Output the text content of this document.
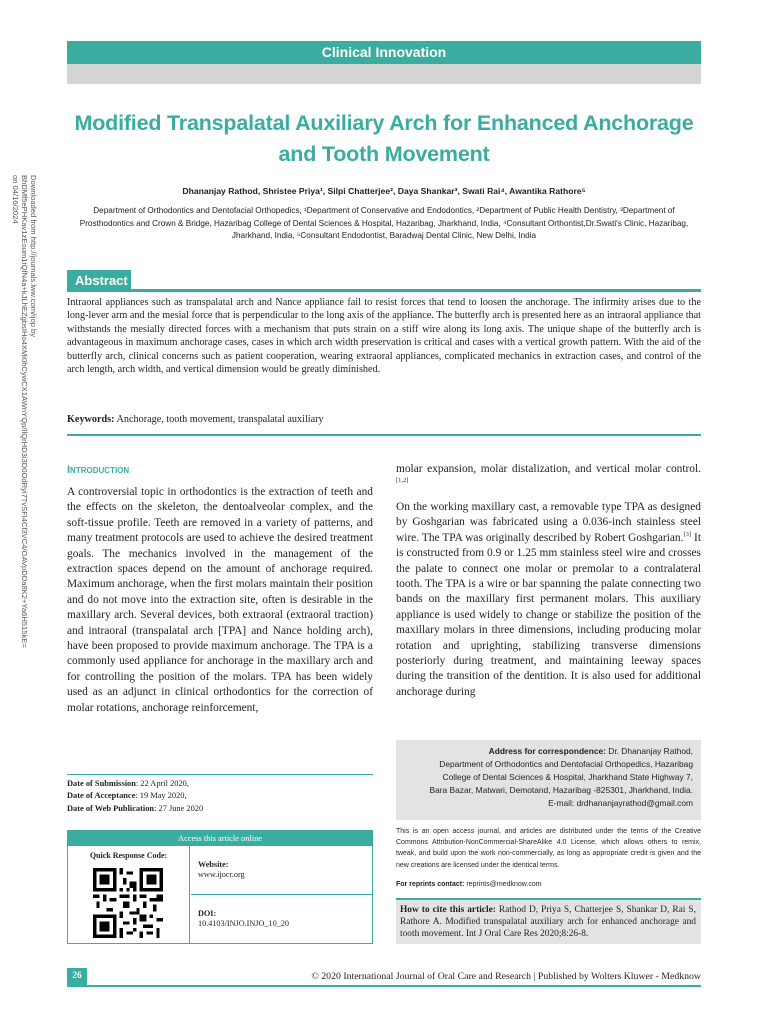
Clinical Innovation
Modified Transpalatal Auxiliary Arch for Enhanced Anchorage
and Tooth Movement
Dhananjay Rathod, Shristee Priya¹, Silpi Chatterjee², Daya Shankar³, Swati Rai⁴, Awantika Rathore⁵
Department of Orthodontics and Dentofacial Orthopedics, ¹Department of Conservative and Endodontics, ²Department of Public Health Dentistry, ³Department of Prosthodontics and Crown & Bridge, Hazaribag College of Dental Sciences & Hospital, Hazaribag, Jharkhand, India, ⁴Consultant Orthontist,Dr.Swati's Clinic, Hazaribag, Jharkhand, India, ⁵Consultant Endodontist, Baradwaj Dental Clinic, New Delhi, India
Downloaded from http://journals.lww.com/ijop by BhDMf5ePHKav1zEoum1tQfN4a+kJLhEZgbsIHo4XMi0hCywCX1AWnYQp/IlQrHD3i3D0OdRyi7TvSFl4Cf3VC4/OAVpDDa8K2+Ya6H515kE= on 04/16/2024
Abstract
Intraoral appliances such as transpalatal arch and Nance appliance fail to resist forces that tend to loosen the anchorage. The infirmity arises due to the long-lever arm and the mesial force that is perpendicular to the long axis of the appliance. The butterfly arch is presented here as an intraoral appliance that withstands the mesially directed forces with a mechanism that puts strain on a stiff wire along its long axis. The unique shape of the butterfly arch is advantageous in maximum anchorage cases, cases in which arch width preservation is critical and cases with a vertical growth pattern. With the aid of the butterfly arch, clinical concerns such as patient cooperation, wearing extraoral appliances, complicated mechanics in extraction cases, and control of the arch length, arch width, and vertical dimension would be greatly diminished.
Keywords: Anchorage, tooth movement, transpalatal auxiliary
Introduction
A controversial topic in orthodontics is the extraction of teeth and the effects on the skeleton, the dentoalveolar complex, and the soft-tissue profile. Teeth are removed in a variety of patterns, and many treatment protocols are used to achieve the desired treatment goals. The mechanics involved in the management of the extraction spaces depend on the amount of anchorage required. Maximum anchorage, when the first molars maintain their position and do not move into the extraction site, often is desirable in the maxillary arch. Several devices, both extraoral (extraoral traction) and intraoral (transpalatal arch [TPA] and Nance holding arch), have been proposed to provide maximum anchorage. The TPA is a commonly used appliance for anchorage in the maxillary arch and for controlling the position of the molars. TPA has been widely used as an adjunct in clinical orthodontics for the correction of molar rotations, anchorage reinforcement,
molar expansion, molar distalization, and vertical molar control.[1,2]
On the working maxillary cast, a removable type TPA as designed by Goshgarian was fabricated using a 0.036-inch stainless steel wire. The TPA was originally described by Robert Goshgarian.[3] It is constructed from 0.9 or 1.25 mm stainless steel wire and crosses the palate to connect one molar or premolar to a contralateral tooth. The TPA is a wire or bar spanning the palate connecting two bands on the maxillary first permanent molars. This auxiliary appliance is used widely to change or stabilize the position of the maxillary molars in three dimensions, including producing molar rotation and uprighting, stabilizing transverse dimensions posteriorly during treatment, and maintaining leeway spaces during the transition of the dentition. It is also used for additional anchorage during
Date of Submission: 22 April 2020,
Date of Acceptance: 19 May 2020,
Date of Web Publication: 27 June 2020
Access this article online
Quick Response Code:
Website:
www.ijocr.org
DOI:
10.4103/INJO.INJO_10_20
Address for correspondence: Dr. Dhananjay Rathod,
Department of Orthodontics and Dentofacial Orthopedics, Hazaribag
College of Dental Sciences & Hospital, Jharkhand State Highway 7,
Bara Bazar, Matwari, Demotand, Hazaribag -825301, Jharkhand, India.
E-mail: drdhananjayrathod@gmail.com
This is an open access journal, and articles are distributed under the terms of the Creative Commons Attribution-NonCommercial-ShareAlike 4.0 License, which allows others to remix, tweak, and build upon the work non-commercially, as long as appropriate credit is given and the new creations are licensed under the identical terms.
For reprints contact: reprints@medknow.com
How to cite this article: Rathod D, Priya S, Chatterjee S, Shankar D, Rai S, Rathore A. Modified transpalatal auxiliary arch for enhanced anchorage and tooth movement. Int J Oral Care Res 2020;8:26-8.
26	© 2020 International Journal of Oral Care and Research | Published by Wolters Kluwer - Medknow
